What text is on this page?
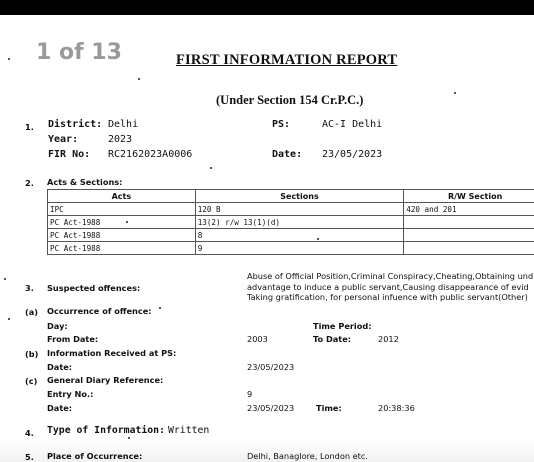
1 of 13	FIRST INFORMATION REPORT
(Under Section 154 Cr.P.C.)
1. District: Delhi	PS:	AC-I Delhi
Year:	2023
FIR No: RC2162023A0006	Date: 23/05/2023
2. Acts & Sections:
Acts	Sections	R/W Section
IPC	120 B	420 and 201
PC Act-1988	13(2) r/w 13(1)(d)	
PC Act-1988	8	
PC Act-1988	9	
3. Suspected offences:
Abuse of Official Position,Criminal Conspiracy,Cheating,Obtaining und
advantage to induce a public servant,Causing disappearance of evid
Taking gratification, for personal infuence with public servant(Other)
(a) Occurrence of offence:
Day:	Time Period:
From Date:	2003	To Date:	2012
(b) Information Received at PS:
Date:	23/05/2023
(c) General Diary Reference:
Entry No.:	9
Date:	23/05/2023	Time:	20:38:36
4. Type of Information: Written
5. Place of Occurrence:	Delhi, Banaglore, London etc.
